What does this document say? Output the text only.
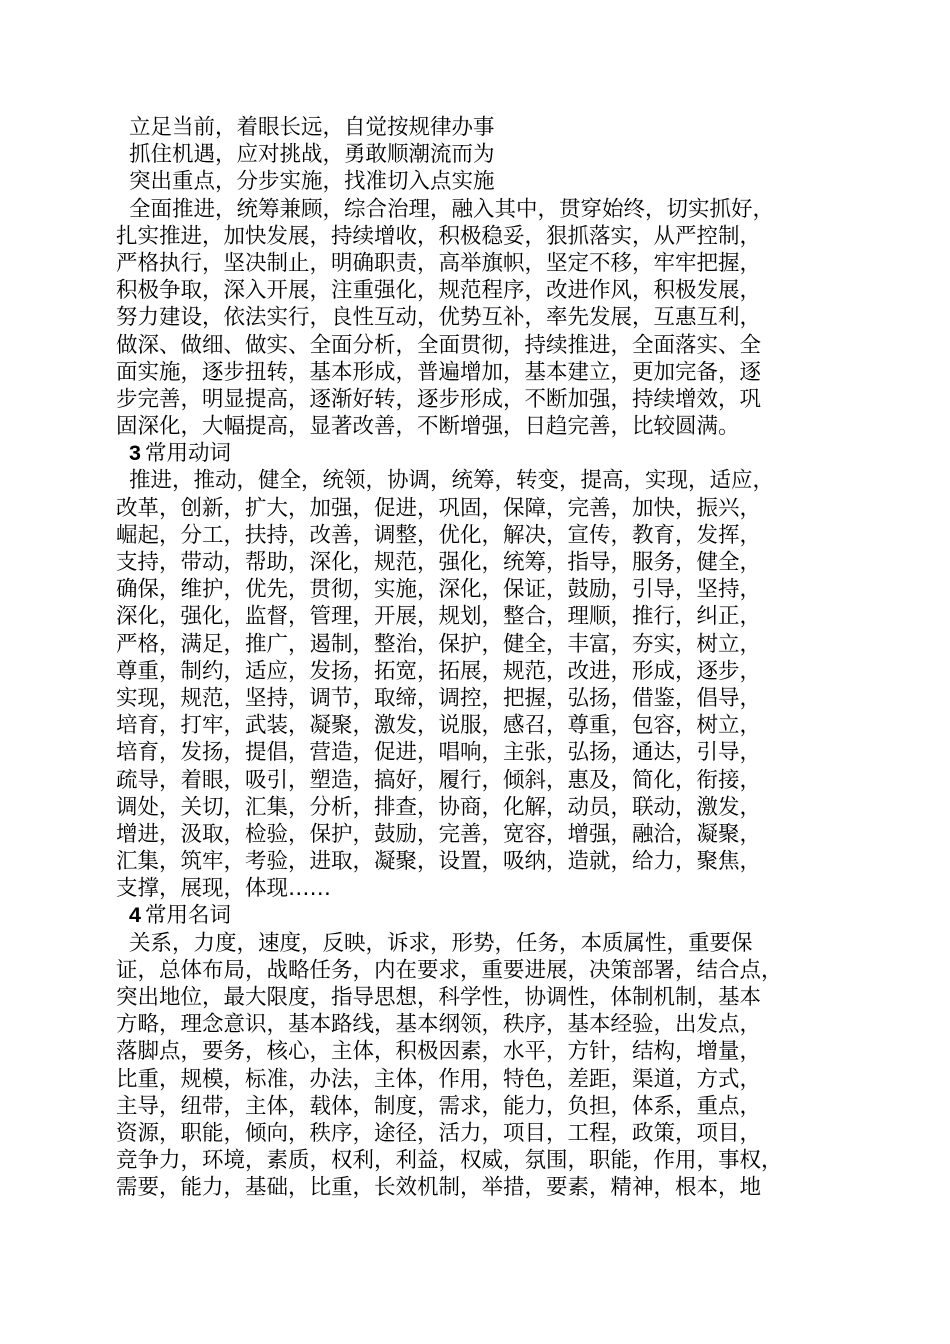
立足当前，着眼长远，自觉按规律办事
抓住机遇，应对挑战，勇敢顺潮流而为
突出重点，分步实施，找准切入点实施
全面推进，统筹兼顾，综合治理，融入其中，贯穿始终，切实抓好，
扎实推进，加快发展，持续增收，积极稳妥，狠抓落实，从严控制，
严格执行，坚决制止，明确职责，高举旗帜，坚定不移，牢牢把握，
积极争取，深入开展，注重强化，规范程序，改进作风，积极发展，
努力建设，依法实行，良性互动，优势互补，率先发展，互惠互利，
做深、做细、做实、全面分析，全面贯彻，持续推进，全面落实、全
面实施，逐步扭转，基本形成，普遍增加，基本建立，更加完备，逐
步完善，明显提高，逐渐好转，逐步形成，不断加强，持续增效，巩
固深化，大幅提高，显著改善，不断增强，日趋完善，比较圆满。
3 常用动词
推进，推动，健全，统领，协调，统筹，转变，提高，实现，适应，
改革，创新，扩大，加强，促进，巩固，保障，完善，加快，振兴，
崛起，分工，扶持，改善，调整，优化，解决，宣传，教育，发挥，
支持，带动，帮助，深化，规范，强化，统筹，指导，服务，健全，
确保，维护，优先，贯彻，实施，深化，保证，鼓励，引导，坚持，
深化，强化，监督，管理，开展，规划，整合，理顺，推行，纠正，
严格，满足，推广，遏制，整治，保护，健全，丰富，夯实，树立，
尊重，制约，适应，发扬，拓宽，拓展，规范，改进，形成，逐步，
实现，规范，坚持，调节，取缔，调控，把握，弘扬，借鉴，倡导，
培育，打牢，武装，凝聚，激发，说服，感召，尊重，包容，树立，
培育，发扬，提倡，营造，促进，唱响，主张，弘扬，通达，引导，
疏导，着眼，吸引，塑造，搞好，履行，倾斜，惠及，简化，衔接，
调处，关切，汇集，分析，排查，协商，化解，动员，联动，激发，
增进，汲取，检验，保护，鼓励，完善，宽容，增强，融洽，凝聚，
汇集，筑牢，考验，进取，凝聚，设置，吸纳，造就，给力，聚焦，
支撑，展现，体现……
4 常用名词
关系，力度，速度，反映，诉求，形势，任务，本质属性，重要保
证，总体布局，战略任务，内在要求，重要进展，决策部署，结合点，
突出地位，最大限度，指导思想，科学性，协调性，体制机制，基本
方略，理念意识，基本路线，基本纲领，秩序，基本经验，出发点，
落脚点，要务，核心，主体，积极因素，水平，方针，结构，增量，
比重，规模，标准，办法，主体，作用，特色，差距，渠道，方式，
主导，纽带，主体，载体，制度，需求，能力，负担，体系，重点，
资源，职能，倾向，秩序，途径，活力，项目，工程，政策，项目，
竞争力，环境，素质，权利，利益，权威，氛围，职能，作用，事权，
需要，能力，基础，比重，长效机制，举措，要素，精神，根本，地
